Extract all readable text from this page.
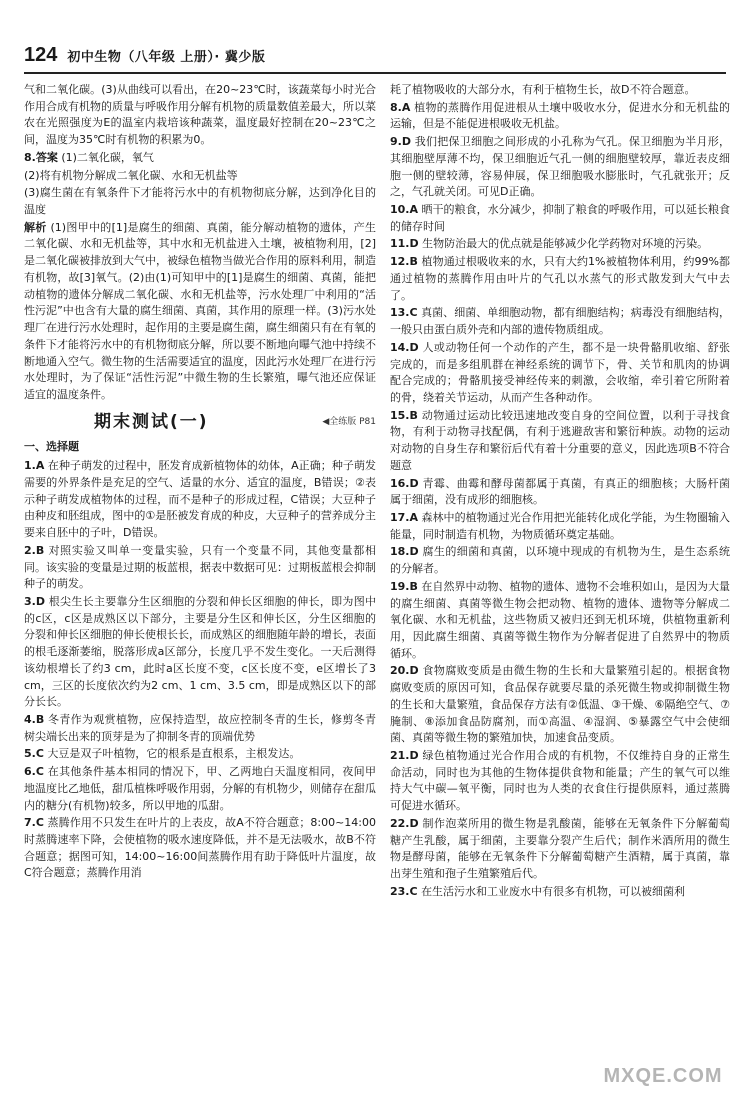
124 初中生物（八年级 上册）· 冀少版

气和二氧化碳。(3)从曲线可以看出，在20~23℃时，该蔬菜每小时光合作用合成有机物的质量与呼吸作用分解有机物的质量数值差最大，所以菜农在光照强度为E的温室内栽培该种蔬菜，温度最好控制在20~23℃之间，温度为35℃时有机物的积累为0。

8.答案 (1)二氧化碳，氧气

(2)将有机物分解成二氧化碳、水和无机盐等

(3)腐生菌在有氧条件下才能将污水中的有机物彻底分解，达到净化目的　温度

解析 (1)图甲中的[1]是腐生的细菌、真菌，能分解动植物的遗体，产生二氧化碳、水和无机盐等，其中水和无机盐进入土壤，被植物利用，[2]是二氧化碳被排放到大气中，被绿色植物当做光合作用的原料利用，制造有机物，故[3]氧气。(2)由(1)可知甲中的[1]是腐生的细菌、真菌，能把动植物的遗体分解成二氧化碳、水和无机盐等，污水处理厂中利用的“活性污泥”中也含有大量的腐生细菌、真菌，其作用的原理一样。(3)污水处理厂在进行污水处理时，起作用的主要是腐生菌，腐生细菌只有在有氧的条件下才能将污水中的有机物彻底分解，所以要不断地向曝气池中持续不断地通入空气。微生物的生活需要适宜的温度，因此污水处理厂在进行污水处理时，为了保证“活性污泥”中微生物的生长繁殖，曝气池还应保证适宜的温度条件。

期末测试(一)	◀全练版 P81
一、选择题

1.A 在种子萌发的过程中，胚发育成新植物体的幼体，A正确；种子萌发需要的外界条件是充足的空气、适量的水分、适宜的温度，B错误；②表示种子萌发成植物体的过程，而不是种子的形成过程，C错误；大豆种子由种皮和胚组成，图中的①是胚被发育成的种皮，大豆种子的营养成分主要来自胚中的子叶，D错误。

2.B 对照实验又叫单一变量实验，只有一个变量不同，其他变量都相同。该实验的变量是过期的板蓝根，据表中数据可见：过期板蓝根会抑制种子的萌发。

3.D 根尖生长主要靠分生区细胞的分裂和伸长区细胞的伸长，即为图中的c区，c区是成熟区以下部分，主要是分生区和伸长区，分生区细胞的分裂和伸长区细胞的伸长使根长长，而成熟区的细胞随年龄的增长，表面的根毛逐渐萎缩，脱落形成a区部分，长度几乎不发生变化。一天后测得该幼根增长了约3 cm，此时a区长度不变，c区长度不变，e区增长了3 cm，三区的长度依次约为2 cm、1 cm、3.5 cm，即是成熟区以下的部分长长。

4.B 冬青作为观赏植物，应保持造型，故应控制冬青的生长，修剪冬青树尖端长出来的顶芽是为了抑制冬青的顶端优势

5.C 大豆是双子叶植物，它的根系是直根系，主根发达。

6.C 在其他条件基本相同的情况下，甲、乙两地白天温度相同，夜间甲地温度比乙地低，甜瓜植株呼吸作用弱，分解的有机物少，则储存在甜瓜内的糖分(有机物)较多，所以甲地的瓜甜。

7.C 蒸腾作用不只发生在叶片的上表皮，故A不符合题意；8:00~14:00时蒸腾速率下降，会使植物的吸水速度降低，并不是无法吸水，故B不符合题意；据图可知，14:00~16:00间蒸腾作用有助于降低叶片温度，故C符合题意；蒸腾作用消

耗了植物吸收的大部分水，有利于植物生长，故D不符合题意。

8.A 植物的蒸腾作用促进根从土壤中吸收水分，促进水分和无机盐的运输，但是不能促进根吸收无机盐。

9.D 我们把保卫细胞之间形成的小孔称为气孔。保卫细胞为半月形，其细胞壁厚薄不均，保卫细胞近气孔一侧的细胞壁较厚，靠近表皮细胞一侧的壁较薄，容易伸展，保卫细胞吸水膨胀时，气孔就张开；反之，气孔就关闭。可见D正确。

10.A 晒干的粮食，水分减少，抑制了粮食的呼吸作用，可以延长粮食的储存时间

11.D 生物防治最大的优点就是能够减少化学药物对环境的污染。

12.B 植物通过根吸收来的水，只有大约1%被植物体利用，约99%都通过植物的蒸腾作用由叶片的气孔以水蒸气的形式散发到大气中去了。

13.C 真菌、细菌、单细胞动物，都有细胞结构；病毒没有细胞结构，一般只由蛋白质外壳和内部的遗传物质组成。

14.D 人或动物任何一个动作的产生，都不是一块骨骼肌收缩、舒张完成的，而是多组肌群在神经系统的调节下，骨、关节和肌肉的协调配合完成的；骨骼肌接受神经传来的刺激，会收缩，牵引着它所附着的骨，绕着关节运动，从而产生各种动作。

15.B 动物通过运动比较迅速地改变自身的空间位置，以利于寻找食物，有利于动物寻找配偶，有利于逃避敌害和繁衍种族。动物的运动对动物的自身生存和繁衍后代有着十分重要的意义，因此选项B不符合题意

16.D 青霉、曲霉和酵母菌都属于真菌，有真正的细胞核；大肠杆菌属于细菌，没有成形的细胞核。

17.A 森林中的植物通过光合作用把光能转化成化学能，为生物圈输入能量，同时制造有机物，为物质循环奠定基础。

18.D 腐生的细菌和真菌，以环境中现成的有机物为生，是生态系统的分解者。

19.B 在自然界中动物、植物的遗体、遗物不会堆积如山，是因为大量的腐生细菌、真菌等微生物会把动物、植物的遗体、遗物等分解成二氧化碳、水和无机盐，这些物质又被归还到无机环境，供植物重新利用，因此腐生细菌、真菌等微生物作为分解者促进了自然界中的物质循环。

20.D 食物腐败变质是由微生物的生长和大量繁殖引起的。根据食物腐败变质的原因可知，食品保存就要尽量的杀死微生物或抑制微生物的生长和大量繁殖，食品保存方法有②低温、③干燥、⑥隔绝空气、⑦腌制、⑧添加食品防腐剂，而①高温、④湿润、⑤暴露空气中会使细菌、真菌等微生物的繁殖加快，加速食品变质。

21.D 绿色植物通过光合作用合成的有机物，不仅维持自身的正常生命活动，同时也为其他的生物体提供食物和能量；产生的氧气可以维持大气中碳—氧平衡，同时也为人类的衣食住行提供原料，通过蒸腾可促进水循环。

22.D 制作泡菜所用的微生物是乳酸菌，能够在无氧条件下分解葡萄糖产生乳酸，属于细菌，主要靠分裂产生后代；制作米酒所用的微生物是酵母菌，能够在无氧条件下分解葡萄糖产生酒精，属于真菌，靠出芽生殖和孢子生殖繁殖后代。

23.C 在生活污水和工业废水中有很多有机物，可以被细菌利

MXQE.COM
